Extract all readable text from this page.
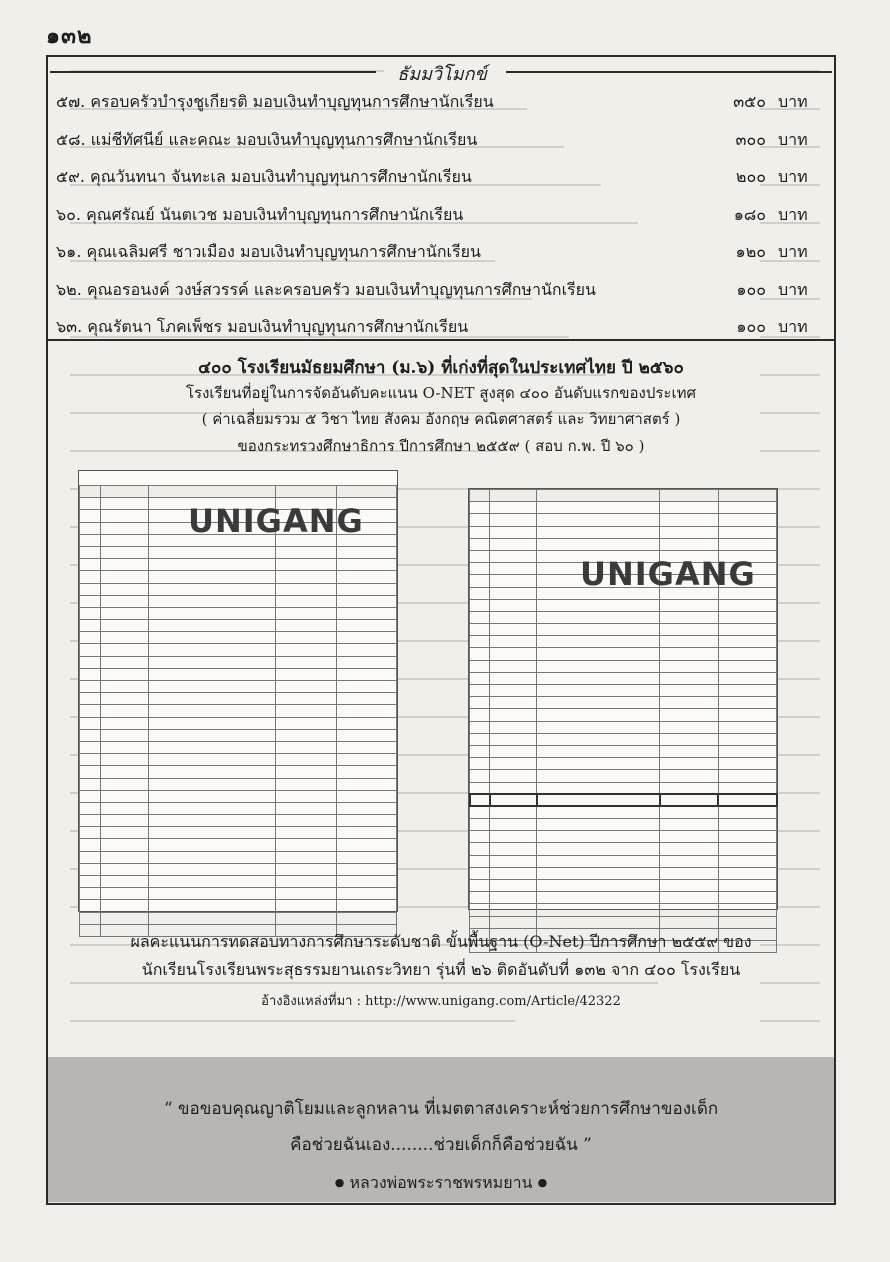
๑๓๒
ธัมมวิโมกข์
๕๗. ครอบครัวบำรุงชูเกียรติ มอบเงินทำบุญทุนการศึกษานักเรียน	๓๕๐ บาท
๕๘. แม่ชีทัศนีย์ และคณะ มอบเงินทำบุญทุนการศึกษานักเรียน	๓๐๐ บาท
๕๙. คุณวันทนา จันทะเล มอบเงินทำบุญทุนการศึกษานักเรียน	๒๐๐ บาท
๖๐. คุณศรัณย์ นันตเวช มอบเงินทำบุญทุนการศึกษานักเรียน	๑๘๐ บาท
๖๑. คุณเฉลิมศรี ชาวเมือง มอบเงินทำบุญทุนการศึกษานักเรียน	๑๒๐ บาท
๖๒. คุณอรอนงค์ วงษ์สวรรค์ และครอบครัว มอบเงินทำบุญทุนการศึกษานักเรียน	๑๐๐ บาท
๖๓. คุณรัตนา โภคเพ็ชร มอบเงินทำบุญทุนการศึกษานักเรียน	๑๐๐ บาท
๔๐๐ โรงเรียนมัธยมศึกษา (ม.๖) ที่เก่งที่สุดในประเทศไทย ปี ๒๕๖๐
โรงเรียนที่อยู่ในการจัดอันดับคะแนน O-NET สูงสุด ๔๐๐ อันดับแรกของประเทศ
( ค่าเฉลี่ยมรวม ๕ วิชา ไทย สังคม อังกฤษ คณิตศาสตร์ และ วิทยาศาสตร์ )
ของกระทรวงศึกษาธิการ ปีการศึกษา ๒๕๕๙ ( สอบ ก.พ. ปี ๖๐ )

UNIGANG

UNIGANG
ผลคะแนนการทดสอบทางการศึกษาระดับชาติ ขั้นพื้นฐาน (O-Net) ปีการศึกษา ๒๕๕๙ ของ
นักเรียนโรงเรียนพระสุธรรมยานเถระวิทยา รุ่นที่ ๒๖ ติดอันดับที่ ๑๓๒ จาก ๔๐๐ โรงเรียน
อ้างอิงแหล่งที่มา : http://www.unigang.com/Article/42322
“ ขอขอบคุณญาติโยมและลูกหลาน ที่เมตตาสงเคราะห์ช่วยการศึกษาของเด็ก
คือช่วยฉันเอง........ช่วยเด็กก็คือช่วยฉัน ”
● หลวงพ่อพระราชพรหมยาน ●
